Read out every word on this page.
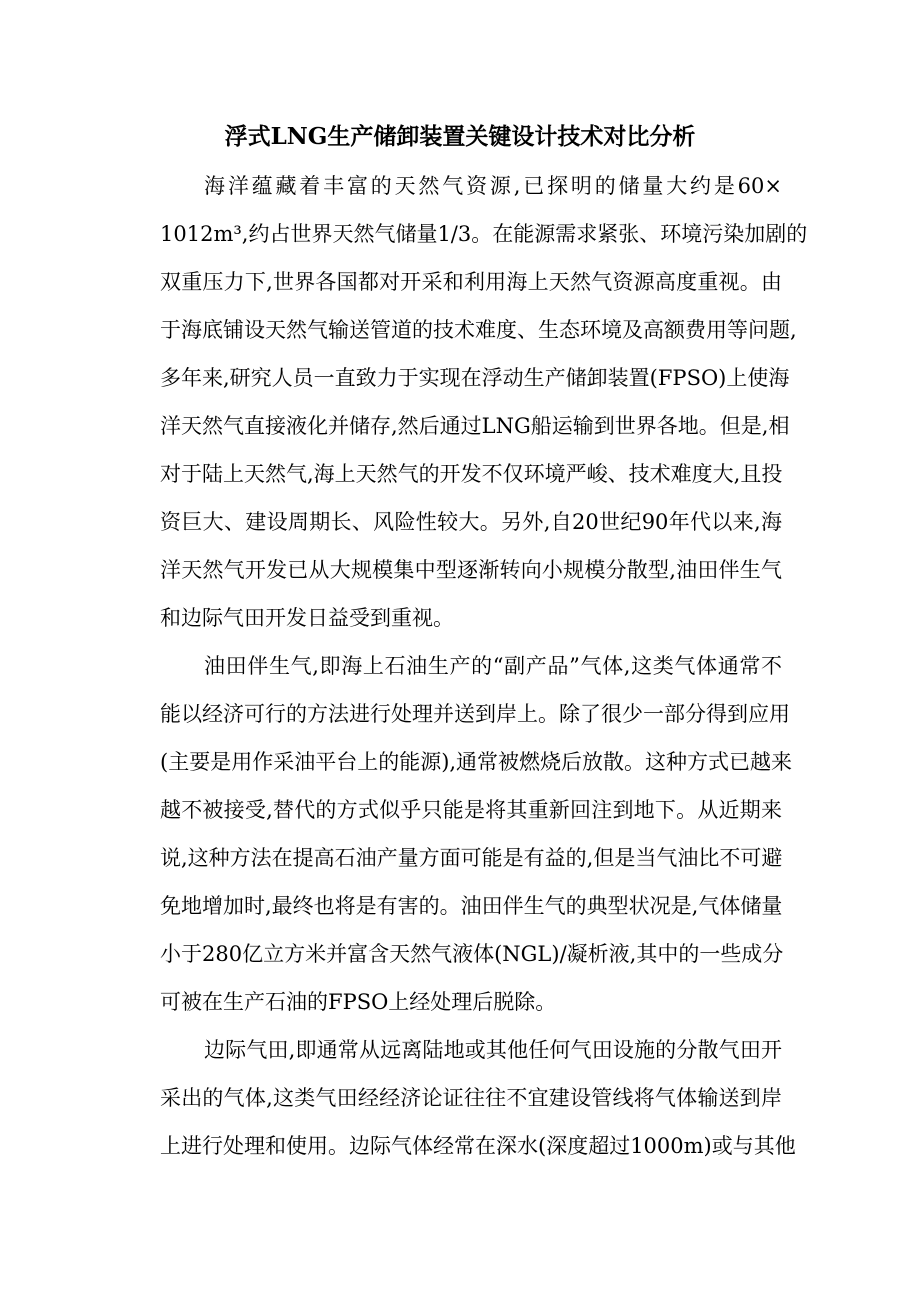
浮式LNG生产储卸装置关键设计技术对比分析
海洋蕴藏着丰富的天然气资源,已探明的储量大约是60×
1012m³,约占世界天然气储量1/3。在能源需求紧张、环境污染加剧的
双重压力下,世界各国都对开采和利用海上天然气资源高度重视。由
于海底铺设天然气输送管道的技术难度、生态环境及高额费用等问题,
多年来,研究人员一直致力于实现在浮动生产储卸装置(FPSO)上使海
洋天然气直接液化并储存,然后通过LNG船运输到世界各地。但是,相
对于陆上天然气,海上天然气的开发不仅环境严峻、技术难度大,且投
资巨大、建设周期长、风险性较大。另外,自20世纪90年代以来,海
洋天然气开发已从大规模集中型逐渐转向小规模分散型,油田伴生气
和边际气田开发日益受到重视。
油田伴生气,即海上石油生产的“副产品”气体,这类气体通常不
能以经济可行的方法进行处理并送到岸上。除了很少一部分得到应用
(主要是用作采油平台上的能源),通常被燃烧后放散。这种方式已越来
越不被接受,替代的方式似乎只能是将其重新回注到地下。从近期来
说,这种方法在提高石油产量方面可能是有益的,但是当气油比不可避
免地增加时,最终也将是有害的。油田伴生气的典型状况是,气体储量
小于280亿立方米并富含天然气液体(NGL)/凝析液,其中的一些成分
可被在生产石油的FPSO上经处理后脱除。
边际气田,即通常从远离陆地或其他任何气田设施的分散气田开
采出的气体,这类气田经经济论证往往不宜建设管线将气体输送到岸
上进行处理和使用。边际气体经常在深水(深度超过1000m)或与其他
